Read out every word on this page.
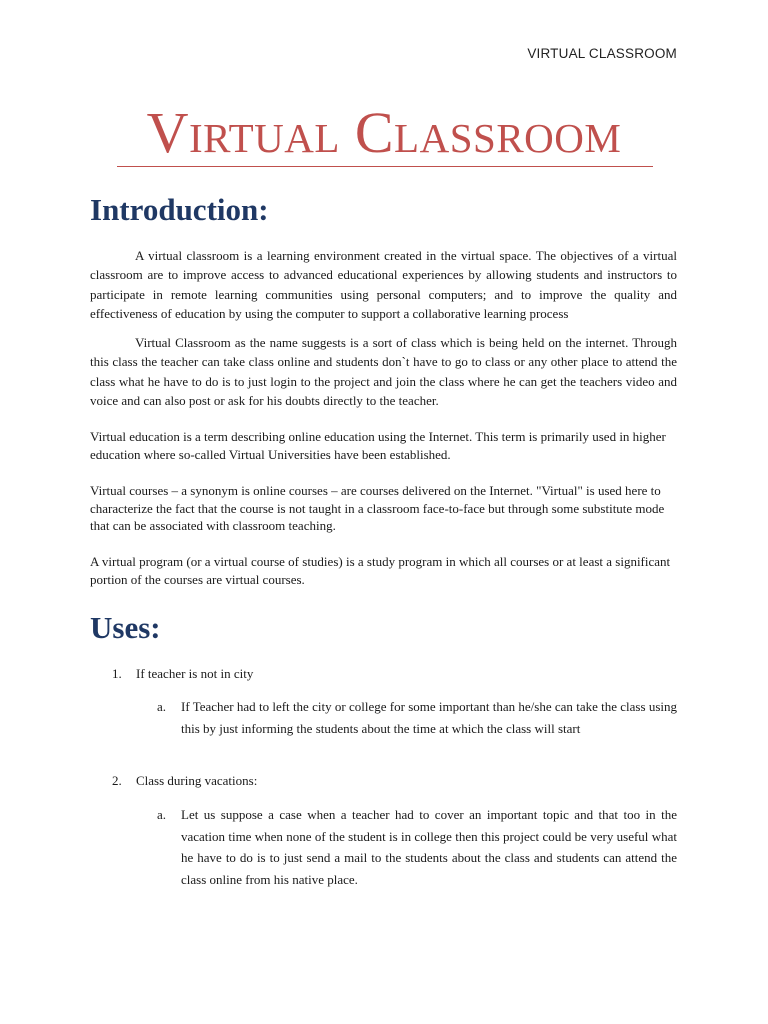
VIRTUAL CLASSROOM
Virtual Classroom
Introduction:

A virtual classroom is a learning environment created in the virtual space. The objectives of a virtual classroom are to improve access to advanced educational experiences by allowing students and instructors to participate in remote learning communities using personal computers; and to improve the quality and effectiveness of education by using the computer to support a collaborative learning process

Virtual Classroom as the name suggests is a sort of class which is being held on the internet. Through this class the teacher can take class online and students don`t have to go to class or any other place to attend the class what he have to do is to just login to the project and join the class where he can get the teachers video and voice and can also post or ask for his doubts directly to the teacher.

Virtual education is a term describing online education using the Internet. This term is primarily used in higher education where so-called Virtual Universities have been established.

Virtual courses – a synonym is online courses – are courses delivered on the Internet. "Virtual" is used here to characterize the fact that the course is not taught in a classroom face-to-face but through some substitute mode that can be associated with classroom teaching.

A virtual program (or a virtual course of studies) is a study program in which all courses or at least a significant portion of the courses are virtual courses.

Uses:
1. If teacher is not in city
a. If Teacher had to left the city or college for some important than he/she can take the class using this by just informing the students about the time at which the class will start
2. Class during vacations:
a. Let us suppose a case when a teacher had to cover an important topic and that too in the vacation time when none of the student is in college then this project could be very useful what he have to do is to just send a mail to the students about the class and students can attend the class online from his native place.
